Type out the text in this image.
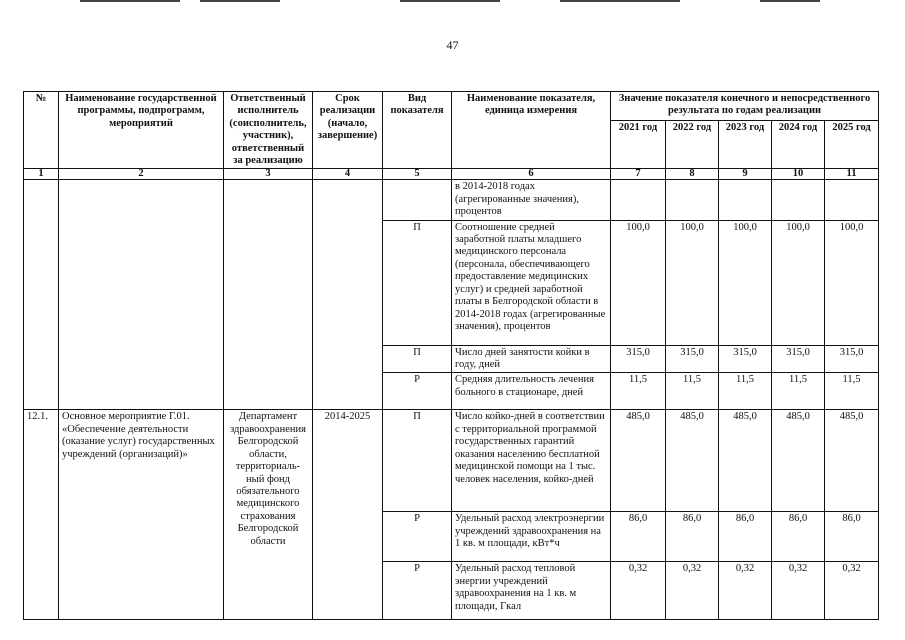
47
№	Наименование государственной программы, подпрограмм, мероприятий	Ответственный исполнитель (соисполнитель, участник), ответственный за реализацию	Срок реализации (начало, завершение)	Вид показателя	Наименование показателя, единица измерения	Значение показателя конечного и непосредственного результата по годам реализации				
						2021 год	2022 год	2023 год	2024 год	2025 год
1	2	3	4	5	6	7	8	9	10	11
					в 2014-2018 годах (агрегированные значения), процентов					
				П	Соотношение средней заработной платы младшего медицинского персонала (персонала, обеспечивающего предоставление медицинских услуг) и средней заработной платы в Белгородской области в 2014-2018 годах (агрегированные значения), процентов	100,0	100,0	100,0	100,0	100,0
				П	Число дней занятости койки в году, дней	315,0	315,0	315,0	315,0	315,0
				Р	Средняя длительность лечения больного в стационаре, дней	11,5	11,5	11,5	11,5	11,5
12.1.	Основное мероприятие Г.01. «Обеспечение деятельности (оказание услуг) государственных учреждений (организаций)»	Департамент здравоохранения Белгородской области, территориаль-ный фонд обязательного медицинского страхования Белгородской области	2014-2025	П	Число койко-дней в соответствии с территориальной программой государственных гарантий оказания населению бесплатной медицинской помощи на 1 тыс. человек населения, койко-дней	485,0	485,0	485,0	485,0	485,0
				Р	Удельный расход электроэнергии учреждений здравоохранения на 1 кв. м площади, кВт*ч	86,0	86,0	86,0	86,0	86,0
				Р	Удельный расход тепловой энергии учреждений здравоохранения на 1 кв. м площади, Гкал	0,32	0,32	0,32	0,32	0,32
